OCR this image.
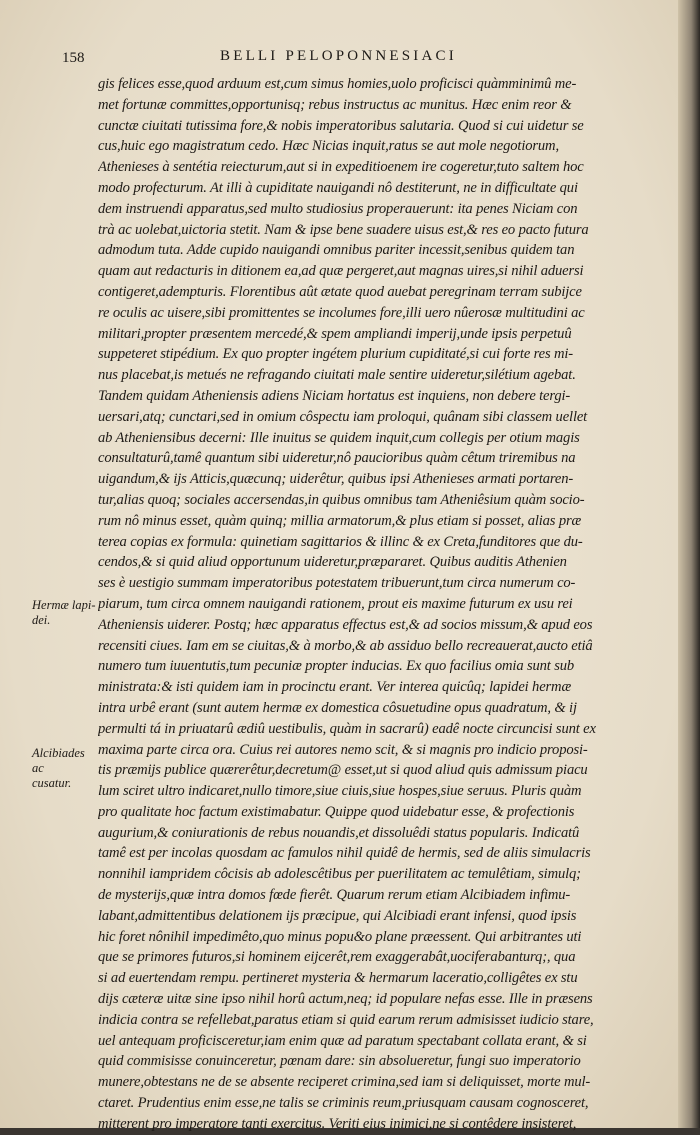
158	BELLI PELOPONNESIACI
Hermæ lapi-
dei.
Alcibiades ac
cusatur.
gis felices esse,quod arduum est,cum simus homies,uolo proficisci quàmminimû me-
met fortunæ committes,opportunisq; rebus instructus ac munitus. Hæc enim reor &
cunctæ ciuitati tutissima fore,& nobis imperatoribus salutaria. Quod si cui uidetur se
cus,huic ego magistratum cedo. Hæc Nicias inquit,ratus se aut mole negotiorum,
Athenieses à sentétia reiecturum,aut si in expeditioenem ire cogeretur,tuto saltem hoc
modo profecturum. At illi à cupiditate nauigandi nô destiterunt, ne in difficultate qui
dem instruendi apparatus,sed multo studiosius properauerunt: ita penes Niciam con
trà ac uolebat,uictoria stetit. Nam & ipse bene suadere uisus est,& res eo pacto futura
admodum tuta. Adde cupido nauigandi omnibus pariter incessit,senibus quidem tan
quam aut redacturis in ditionem ea,ad quæ pergeret,aut magnas uires,si nihil aduersi
contigeret,adempturis. Florentibus aût ætate quod auebat peregrinam terram subijce
re oculis ac uisere,sibi promittentes se incolumes fore,illi uero nûerosæ multitudini ac
militari,propter præsentem mercedé,& spem ampliandi imperij,unde ipsis perpetuû
suppeteret stipédium. Ex quo propter ingétem plurium cupiditaté,si cui forte res mi-
nus placebat,is metués ne refragando ciuitati male sentire uideretur,silétium agebat.
Tandem quidam Atheniensis adiens Niciam hortatus est inquiens, non debere tergi-
uersari,atq; cunctari,sed in omium côspectu iam proloqui, quânam sibi classem uellet
ab Atheniensibus decerni: Ille inuitus se quidem inquit,cum collegis per otium magis
consultaturû,tamê quantum sibi uideretur,nô paucioribus quàm cêtum triremibus na
uigandum,& ijs Atticis,quæcunq; uiderêtur, quibus ipsi Athenieses armati portaren-
tur,alias quoq; sociales accersendas,in quibus omnibus tam Atheniêsium quàm socio-
rum nô minus esset, quàm quinq; millia armatorum,& plus etiam si posset, alias præ
terea copias ex formula: quinetiam sagittarios & illinc & ex Creta,funditores que du-
cendos,& si quid aliud opportunum uideretur,præpararet. Quibus auditis Athenien
ses è uestigio summam imperatoribus potestatem tribuerunt,tum circa numerum co-
piarum, tum circa omnem nauigandi rationem, prout eis maxime futurum ex usu rei
Atheniensis uiderer. Postq; hæc apparatus effectus est,& ad socios missum,& apud eos
recensiti ciues. Iam em se ciuitas,& à morbo,& ab assiduo bello recreauerat,aucto etiâ
numero tum iuuentutis,tum pecuniæ propter inducias. Ex quo facilius omia sunt sub
ministrata:& isti quidem iam in procinctu erant. Ver interea quicûq; lapidei hermæ
intra urbê erant (sunt autem hermæ ex domestica côsuetudine opus quadratum, & ij
permulti tá in priuatarû ædiû uestibulis, quàm in sacrarû) eadê nocte circuncisi sunt ex
maxima parte circa ora. Cuius rei autores nemo scit, & si magnis pro indicio proposi-
tis præmijs publice quærerêtur,decretum@ esset,ut si quod aliud quis admissum piacu
lum sciret ultro indicaret,nullo timore,siue ciuis,siue hospes,siue seruus. Pluris quàm
pro qualitate hoc factum existimabatur. Quippe quod uidebatur esse, & profectionis
augurium,& coniurationis de rebus nouandis,et dissoluêdi status popularis. Indicatû
tamê est per incolas quosdam ac famulos nihil quidê de hermis, sed de aliis simulacris
nonnihil iampridem côcisis ab adolescêtibus per puerilitatem ac temulêtiam, simulq;
de mysterijs,quæ intra domos fœde fierêt. Quarum rerum etiam Alcibiadem infimu-
labant,admittentibus delationem ijs præcipue, qui Alcibiadi erant infensi, quod ipsis
hic foret nônihil impedimêto,quo minus popu&o plane præessent. Qui arbitrantes uti
que se primores futuros,si hominem eijcerêt,rem exaggerabât,uociferabanturq;, qua
si ad euertendam rempu. pertineret mysteria & hermarum laceratio,colligêtes ex stu
dijs cæteræ uitæ sine ipso nihil horû actum,neq; id populare nefas esse. Ille in præsens
indicia contra se refellebat,paratus etiam si quid earum rerum admisisset iudicio stare,
uel antequam proficisceretur,iam enim quæ ad paratum spectabant collata erant, & si
quid commisisse conuinceretur, pœnam dare: sin absolueretur, fungi suo imperatorio
munere,obtestans ne de se absente reciperet crimina,sed iam si deliquisset, morte mul-
ctaret. Prudentius enim esse,ne talis se criminis reum,priusquam causam cognosceret,
mitterent pro imperatore tanti exercitus. Veriti eius inimici,ne si contêdere insisteret,
